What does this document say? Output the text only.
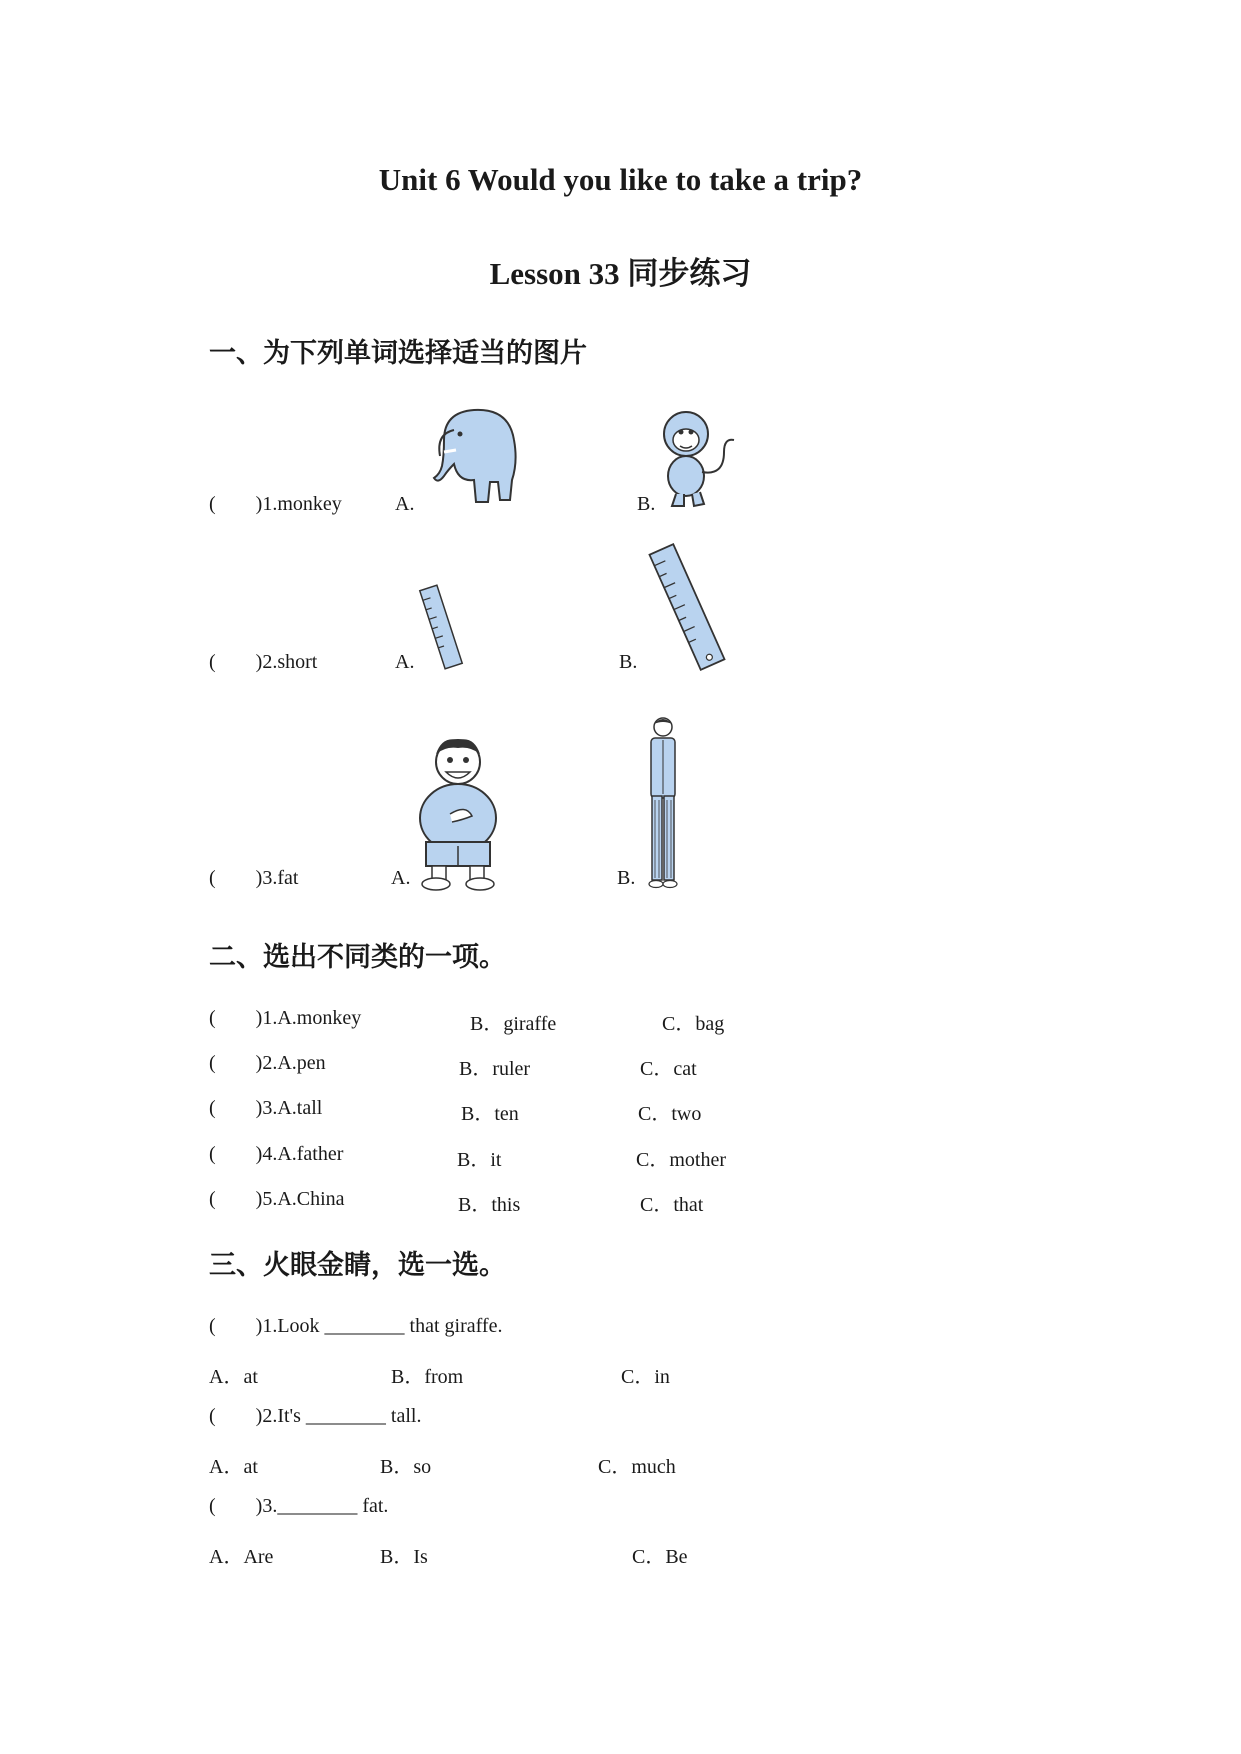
Unit 6 Would you like to take a trip?
Lesson 33 同步练习
一、为下列单词选择适当的图片
(        )1.monkey	A.	B.
(        )2.short	A.	B.
(        )3.fat	A.	B.
二、选出不同类的一项。
(        )1.A.monkey	B．giraffe	C．bag
(        )2.A.pen	B．ruler	C．cat
(        )3.A.tall	B．ten	C．two
(        )4.A.father	B．it	C．mother
(        )5.A.China	B．this	C．that
三、火眼金睛，选一选。
(        )1.Look ________ that giraffe.
A．at	B．from	C．in
(        )2.It's ________ tall.
A．at	B．so	C．much
(        )3.________ fat.
A．Are	B．Is	C．Be
